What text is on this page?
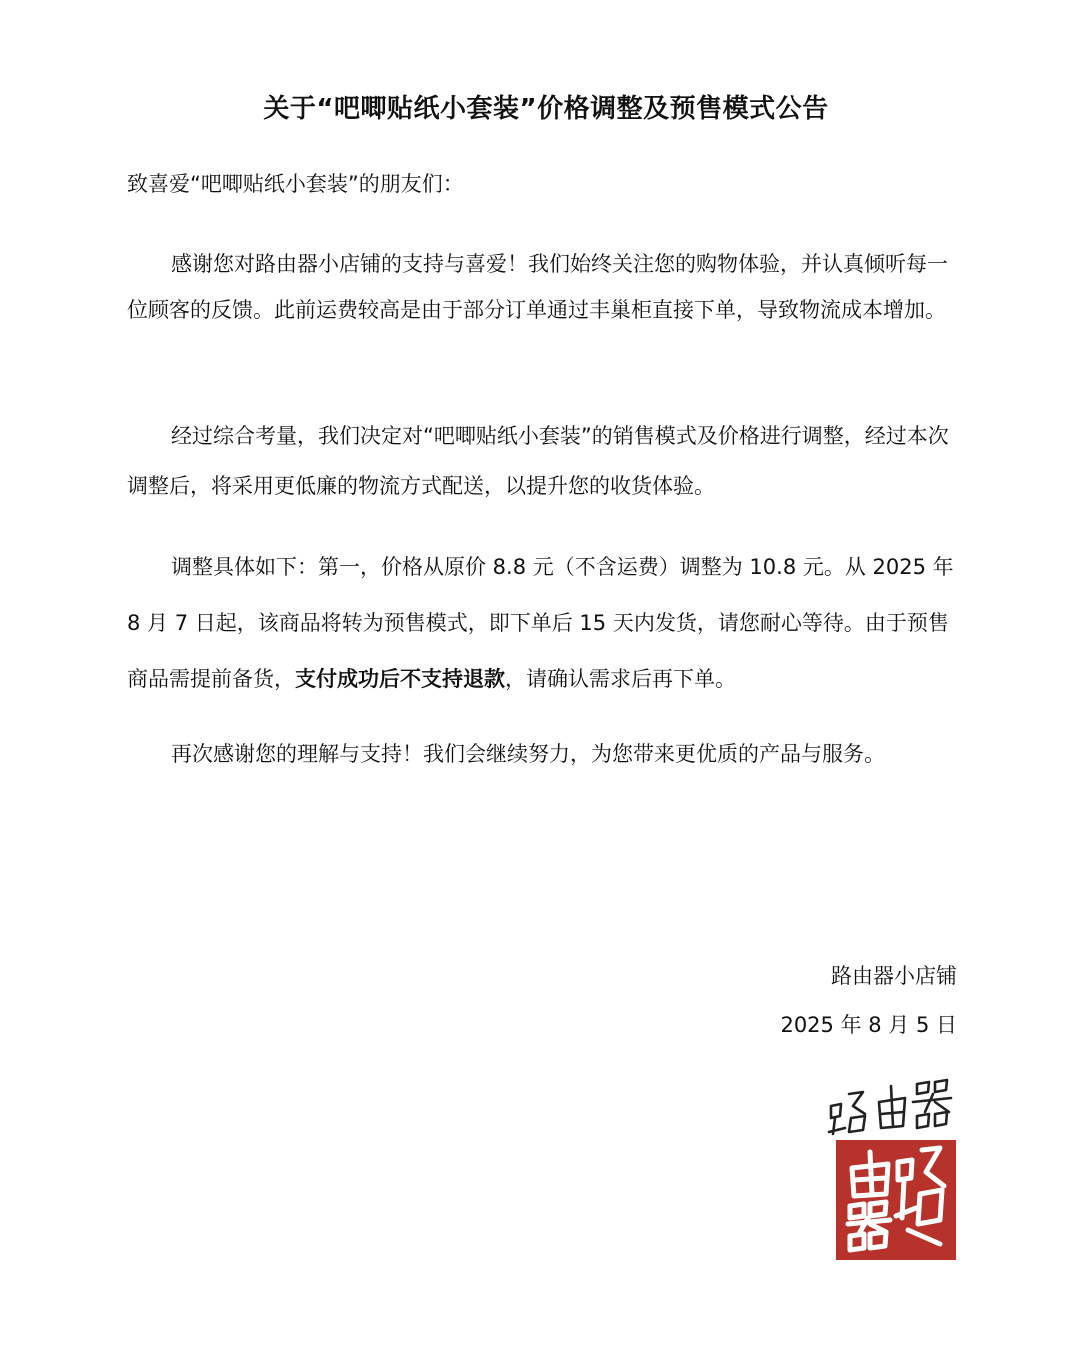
关于“吧唧贴纸小套装”价格调整及预售模式公告

致喜爱“吧唧贴纸小套装”的朋友们：

感谢您对路由器小店铺的支持与喜爱！我们始终关注您的购物体验，并认真倾听每一位顾客的反馈。此前运费较高是由于部分订单通过丰巢柜直接下单，导致物流成本增加。

经过综合考量，我们决定对“吧唧贴纸小套装”的销售模式及价格进行调整，经过本次调整后，将采用更低廉的物流方式配送，以提升您的收货体验。

调整具体如下：第一，价格从原价 8.8 元（不含运费）调整为 10.8 元。从 2025 年 8 月 7 日起，该商品将转为预售模式，即下单后 15 天内发货，请您耐心等待。由于预售商品需提前备货，支付成功后不支持退款，请确认需求后再下单。

再次感谢您的理解与支持！我们会继续努力，为您带来更优质的产品与服务。

路由器小店铺
2025 年 8 月 5 日
